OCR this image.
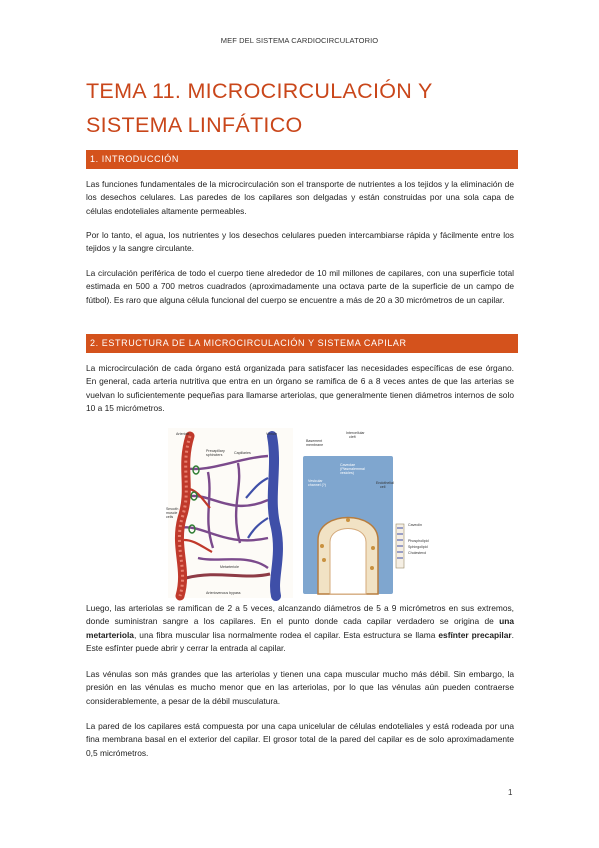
MEF DEL SISTEMA CARDIOCIRCULATORIO
TEMA 11. MICROCIRCULACIÓN Y
SISTEMA LINFÁTICO
1. INTRODUCCIÓN

Las funciones fundamentales de la microcirculación son el transporte de nutrientes a los tejidos y la eliminación de los desechos celulares. Las paredes de los capilares son delgadas y están construidas por una sola capa de células endoteliales altamente permeables.

Por lo tanto, el agua, los nutrientes y los desechos celulares pueden intercambiarse rápida y fácilmente entre los tejidos y la sangre circulante.

La circulación periférica de todo el cuerpo tiene alrededor de 10 mil millones de capilares, con una superficie total estimada en 500 a 700 metros cuadrados (aproximadamente una octava parte de la superficie de un campo de fútbol). Es raro que alguna célula funcional del cuerpo se encuentre a más de 20 a 30 micrómetros de un capilar.

2. ESTRUCTURA DE LA MICROCIRCULACIÓN Y SISTEMA CAPILAR

La microcirculación de cada órgano está organizada para satisfacer las necesidades específicas de ese órgano. En general, cada arteria nutritiva que entra en un órgano se ramifica de 6 a 8 veces antes de que las arterias se vuelvan lo suficientemente pequeñas para llamarse arteriolas, que generalmente tienen diámetros internos de solo 10 a 15 micrómetros.

Arteriole	Venule
Precapillary
sphincters	Capillaries
Smooth
muscle
cells
Metarteriole
Arteriovenous bypass
Intercellular
cleft
Basement
membrane
Caveolae
(Plasmalemmal
vesicles)
Vesicular
channel (?)	Endothelial
cell
Caveolin
Phospholipid
Sphingolipid
Cholesterol

Luego, las arteriolas se ramifican de 2 a 5 veces, alcanzando diámetros de 5 a 9 micrómetros en sus extremos, donde suministran sangre a los capilares. En el punto donde cada capilar verdadero se origina de una metarteriola, una fibra muscular lisa normalmente rodea el capilar. Esta estructura se llama esfínter precapilar. Este esfínter puede abrir y cerrar la entrada al capilar.

Las vénulas son más grandes que las arteriolas y tienen una capa muscular mucho más débil. Sin embargo, la presión en las vénulas es mucho menor que en las arteriolas, por lo que las vénulas aún pueden contraerse considerablemente, a pesar de la débil musculatura.

La pared de los capilares está compuesta por una capa unicelular de células endoteliales y está rodeada por una fina membrana basal en el exterior del capilar. El grosor total de la pared del capilar es de solo aproximadamente 0,5 micrómetros.

1
